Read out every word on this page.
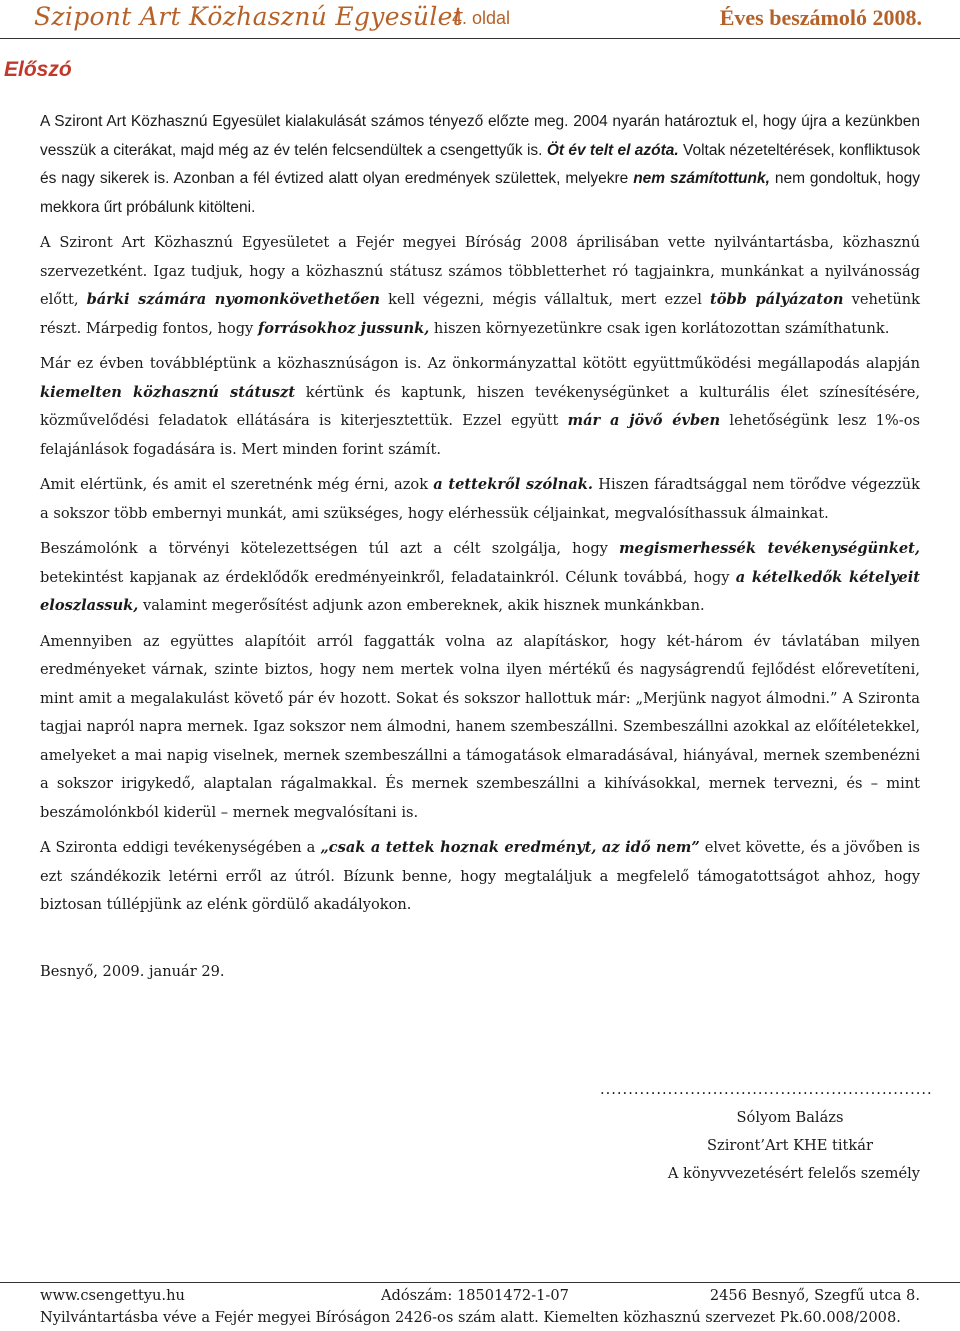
Szipont Art Közhasznú Egyesület
4. oldal	Éves beszámoló 2008.
Előszó

A Sziront Art Közhasznú Egyesület kialakulását számos tényező előzte meg. 2004 nyarán határoztuk el, hogy újra a kezünkben vesszük a citerákat, majd még az év telén felcsendültek a csengettyűk is. Öt év telt el azóta. Voltak nézeteltérések, konfliktusok és nagy sikerek is. Azonban a fél évtized alatt olyan eredmények születtek, melyekre nem számítottunk, nem gondoltuk, hogy mekkora űrt próbálunk kitölteni.

A Sziront Art Közhasznú Egyesületet a Fejér megyei Bíróság 2008 áprilisában vette nyilvántartásba, közhasznú szervezetként. Igaz tudjuk, hogy a közhasznú státusz számos többletterhet ró tagjainkra, munkánkat a nyilvánosság előtt, bárki számára nyomonkövethetően kell végezni, mégis vállaltuk, mert ezzel több pályázaton vehetünk részt. Márpedig fontos, hogy forrásokhoz jussunk, hiszen környezetünkre csak igen korlátozottan számíthatunk.

Már ez évben továbbléptünk a közhasznúságon is. Az önkormányzattal kötött együttműködési megállapodás alapján kiemelten közhasznú státuszt kértünk és kaptunk, hiszen tevékenységünket a kulturális élet színesítésére, közművelődési feladatok ellátására is kiterjesztettük. Ezzel együtt már a jövő évben lehetőségünk lesz 1%-os felajánlások fogadására is. Mert minden forint számít.

Amit elértünk, és amit el szeretnénk még érni, azok a tettekről szólnak. Hiszen fáradtsággal nem törődve végezzük a sokszor több embernyi munkát, ami szükséges, hogy elérhessük céljainkat, megvalósíthassuk álmainkat.

Beszámolónk a törvényi kötelezettségen túl azt a célt szolgálja, hogy megismerhessék tevékenységünket, betekintést kapjanak az érdeklődők eredményeinkről, feladatainkról. Célunk továbbá, hogy a kételkedők kételyeit eloszlassuk, valamint megerősítést adjunk azon embereknek, akik hisznek munkánkban.

Amennyiben az együttes alapítóit arról faggatták volna az alapításkor, hogy két-három év távlatában milyen eredményeket várnak, szinte biztos, hogy nem mertek volna ilyen mértékű és nagyságrendű fejlődést előrevetíteni, mint amit a megalakulást követő pár év hozott. Sokat és sokszor hallottuk már: „Merjünk nagyot álmodni.” A Szironta tagjai napról napra mernek. Igaz sokszor nem álmodni, hanem szembeszállni. Szembeszállni azokkal az előítéletekkel, amelyeket a mai napig viselnek, mernek szembeszállni a támogatások elmaradásával, hiányával, mernek szembenézni a sokszor irigykedő, alaptalan rágalmakkal. És mernek szembeszállni a kihívásokkal, mernek tervezni, és – mint beszámolónkból kiderül – mernek megvalósítani is.

A Szironta eddigi tevékenységében a „csak a tettek hoznak eredményt, az idő nem” elvet követte, és a jövőben is ezt szándékozik letérni erről az útról. Bízunk benne, hogy megtaláljuk a megfelelő támogatottságot ahhoz, hogy biztosan túllépjünk az elénk gördülő akadályokon.

Besnyő, 2009. január 29.
...........................................................
Sólyom Balázs
Sziront’Art KHE titkár
A könyvvezetésért felelős személy
www.csengettyu.hu	Adószám: 18501472-1-07	2456 Besnyő, Szegfű utca 8.
Nyilvántartásba véve a Fejér megyei Bíróságon 2426-os szám alatt. Kiemelten közhasznú szervezet Pk.60.008/2008.
